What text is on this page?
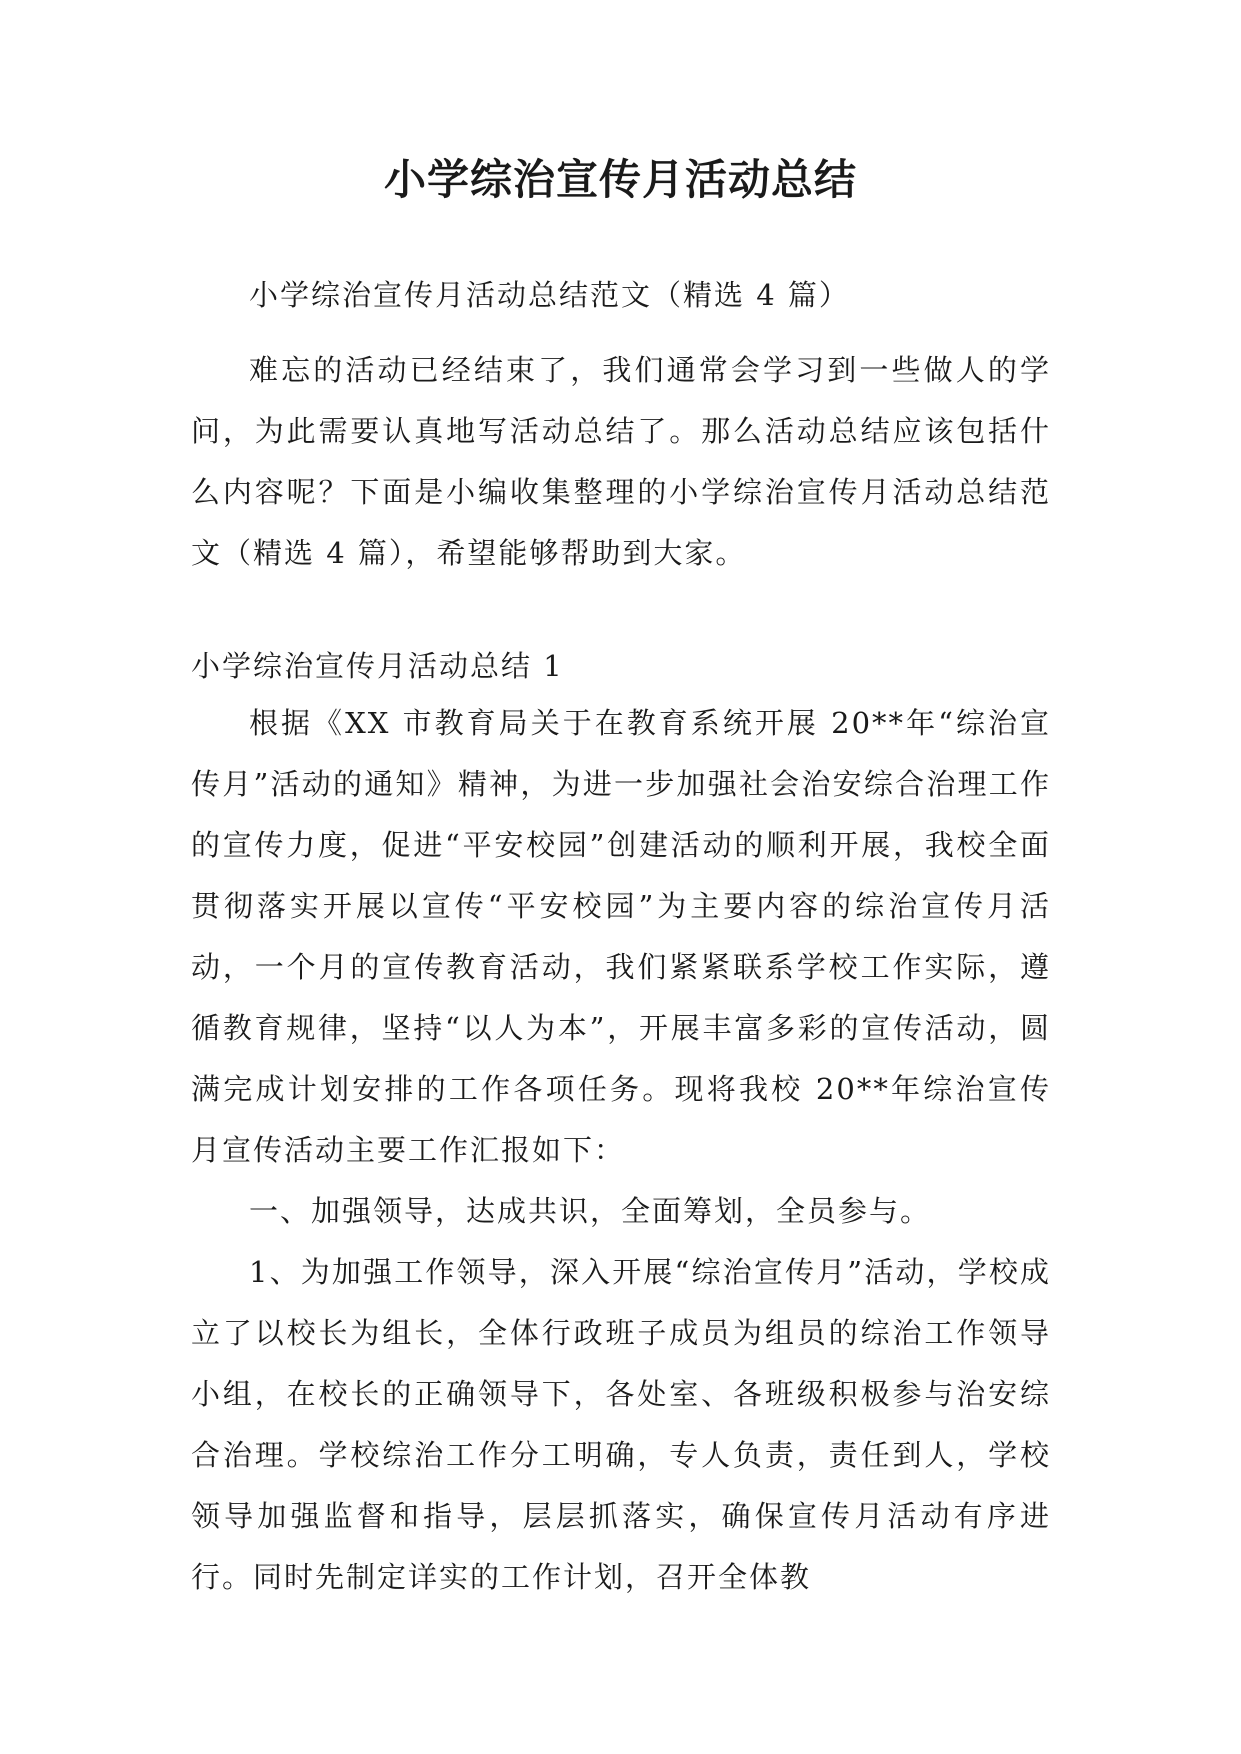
小学综治宣传月活动总结

小学综治宣传月活动总结范文（精选 4 篇）

难忘的活动已经结束了，我们通常会学习到一些做人的学问，为此需要认真地写活动总结了。那么活动总结应该包括什么内容呢？下面是小编收集整理的小学综治宣传月活动总结范文（精选 4 篇），希望能够帮助到大家。

小学综治宣传月活动总结 1

根据《XX 市教育局关于在教育系统开展 20**年“综治宣传月”活动的通知》精神，为进一步加强社会治安综合治理工作的宣传力度，促进“平安校园”创建活动的顺利开展，我校全面贯彻落实开展以宣传“平安校园”为主要内容的综治宣传月活动，一个月的宣传教育活动，我们紧紧联系学校工作实际，遵循教育规律，坚持“以人为本”，开展丰富多彩的宣传活动，圆满完成计划安排的工作各项任务。现将我校 20**年综治宣传月宣传活动主要工作汇报如下：

一、加强领导，达成共识，全面筹划，全员参与。

1、为加强工作领导，深入开展“综治宣传月”活动，学校成立了以校长为组长，全体行政班子成员为组员的综治工作领导小组，在校长的正确领导下，各处室、各班级积极参与治安综合治理。学校综治工作分工明确，专人负责，责任到人，学校领导加强监督和指导，层层抓落实，确保宣传月活动有序进行。同时先制定详实的工作计划，召开全体教
